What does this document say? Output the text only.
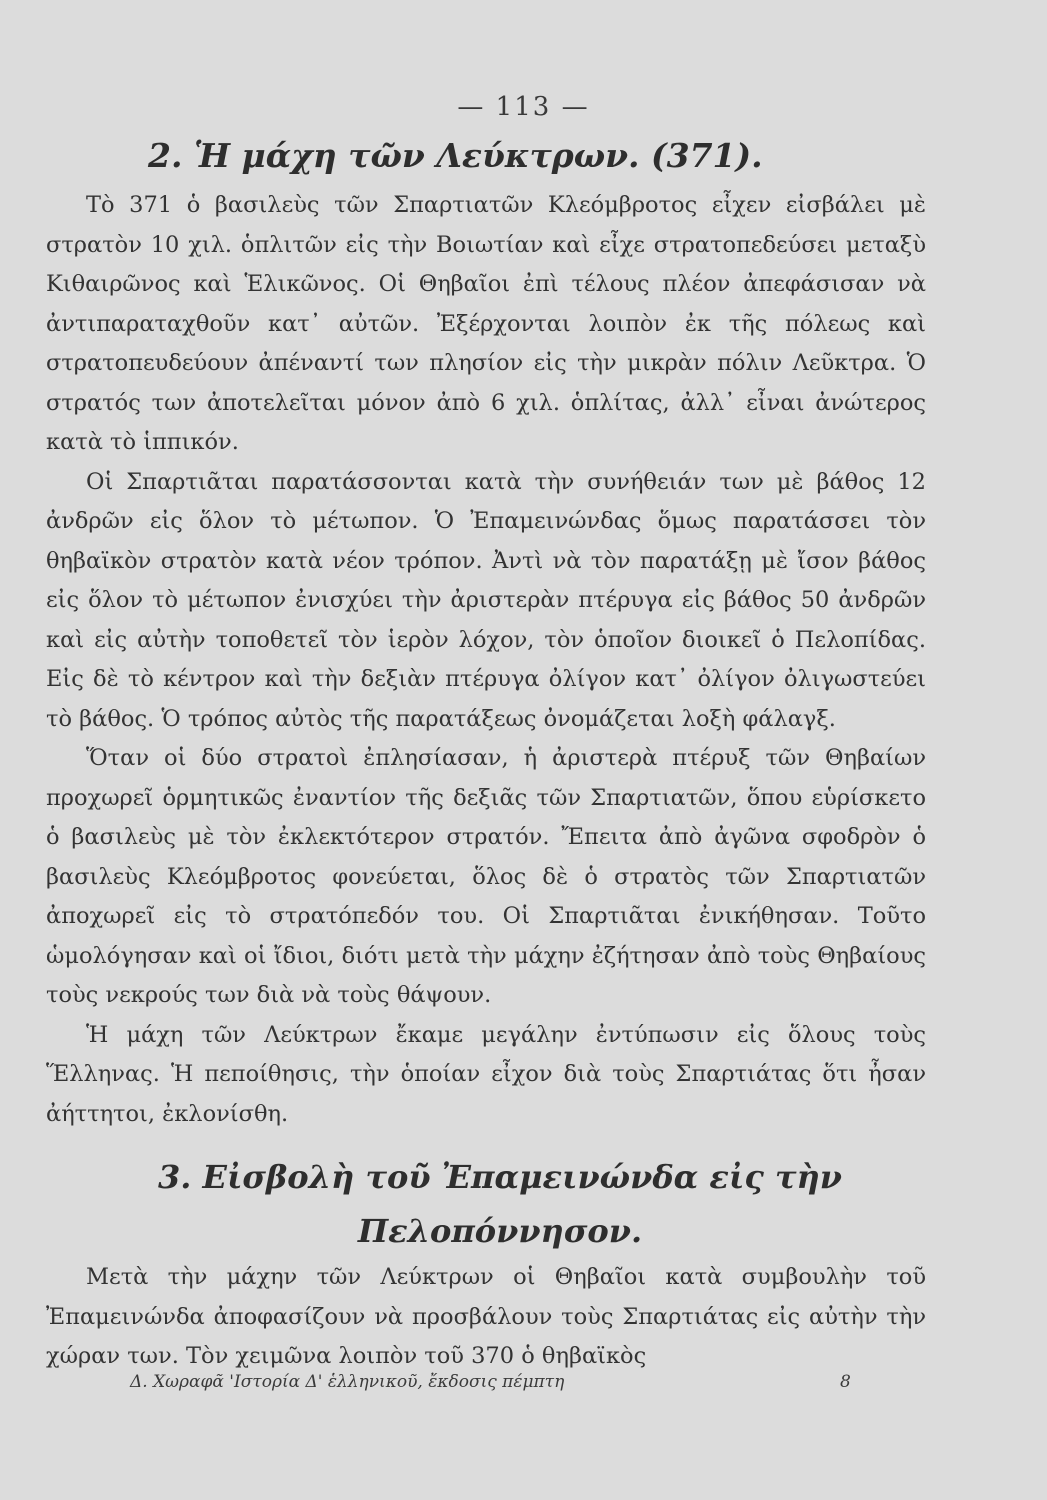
— 113 —
2. Ἡ μάχη τῶν Λεύκτρων. (371).

Τὸ 371 ὁ βασιλεὺς τῶν Σπαρτιατῶν Κλεόμβροτος εἶχεν εἰσβάλει μὲ στρατὸν 10 χιλ. ὁπλιτῶν εἰς τὴν Βοιωτίαν καὶ εἶχε στρατοπεδεύσει μεταξὺ Κιθαιρῶνος καὶ Ἑλικῶνος. Οἱ Θηβαῖοι ἐπὶ τέλους πλέον ἀπεφάσισαν νὰ ἀντιπαραταχθοῦν κατ᾽ αὐτῶν. Ἐξέρχονται λοιπὸν ἐκ τῆς πόλεως καὶ στρατοπευδεύουν ἀπέναντί των πλησίον εἰς τὴν μικρὰν πόλιν Λεῦκτρα. Ὁ στρατός των ἀποτελεῖται μόνον ἀπὸ 6 χιλ. ὁπλίτας, ἀλλ᾽ εἶναι ἀνώτερος κατὰ τὸ ἱππικόν.

Οἱ Σπαρτιᾶται παρατάσσονται κατὰ τὴν συνήθειάν των μὲ βάθος 12 ἀνδρῶν εἰς ὅλον τὸ μέτωπον. Ὁ Ἐπαμεινώνδας ὅμως παρατάσσει τὸν θηβαϊκὸν στρατὸν κατὰ νέον τρόπον. Ἀντὶ νὰ τὸν παρατάξῃ μὲ ἴσον βάθος εἰς ὅλον τὸ μέτωπον ἐνισχύει τὴν ἀριστερὰν πτέρυγα εἰς βάθος 50 ἀνδρῶν καὶ εἰς αὐτὴν τοποθετεῖ τὸν ἱερὸν λόχον, τὸν ὁποῖον διοικεῖ ὁ Πελοπίδας. Εἰς δὲ τὸ κέντρον καὶ τὴν δεξιὰν πτέρυγα ὀλίγον κατ᾽ ὀλίγον ὀλιγωστεύει τὸ βάθος. Ὁ τρόπος αὐτὸς τῆς παρατάξεως ὀνομάζεται λοξὴ φάλαγξ.

Ὅταν οἱ δύο στρατοὶ ἐπλησίασαν, ἡ ἀριστερὰ πτέρυξ τῶν Θηβαίων προχωρεῖ ὁρμητικῶς ἐναντίον τῆς δεξιᾶς τῶν Σπαρτιατῶν, ὅπου εὑρίσκετο ὁ βασιλεὺς μὲ τὸν ἐκλεκτότερον στρατόν. Ἔπειτα ἀπὸ ἀγῶνα σφοδρὸν ὁ βασιλεὺς Κλεόμβροτος φονεύεται, ὅλος δὲ ὁ στρατὸς τῶν Σπαρτιατῶν ἀποχωρεῖ εἰς τὸ στρατόπεδόν του. Οἱ Σπαρτιᾶται ἐνικήθησαν. Τοῦτο ὡμολόγησαν καὶ οἱ ἴδιοι, διότι μετὰ τὴν μάχην ἐζήτησαν ἀπὸ τοὺς Θηβαίους τοὺς νεκρούς των διὰ νὰ τοὺς θάψουν.

Ἡ μάχη τῶν Λεύκτρων ἔκαμε μεγάλην ἐντύπωσιν εἰς ὅλους τοὺς Ἕλληνας. Ἡ πεποίθησις, τὴν ὁποίαν εἶχον διὰ τοὺς Σπαρτιάτας ὅτι ἦσαν ἀήττητοι, ἐκλονίσθη.

3. Εἰσβολὴ τοῦ Ἐπαμεινώνδα εἰς τὴν
Πελοπόννησον.

Μετὰ τὴν μάχην τῶν Λεύκτρων οἱ Θηβαῖοι κατὰ συμβουλὴν τοῦ Ἐπαμεινώνδα ἀποφασίζουν νὰ προσβάλουν τοὺς Σπαρτιάτας εἰς αὐτὴν τὴν χώραν των. Τὸν χειμῶνα λοιπὸν τοῦ 370 ὁ θηβαϊκὸς

Δ. Χωραφᾶ 'Ιστορία Δ' ἑλληνικοῦ, ἔκδοσις πέμπτη	8
